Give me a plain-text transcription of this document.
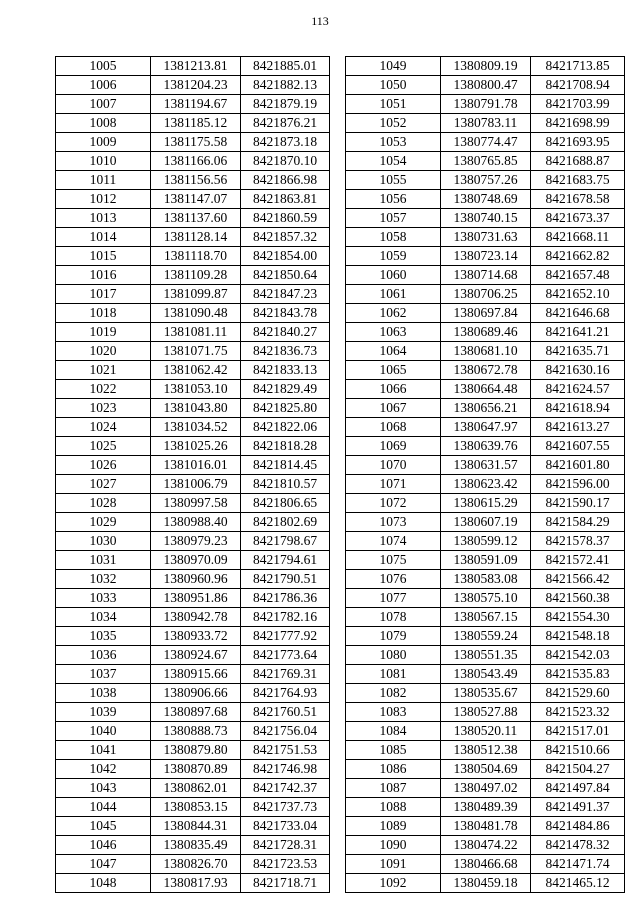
113
1005	1381213.81	8421885.01
1006	1381204.23	8421882.13
1007	1381194.67	8421879.19
1008	1381185.12	8421876.21
1009	1381175.58	8421873.18
1010	1381166.06	8421870.10
1011	1381156.56	8421866.98
1012	1381147.07	8421863.81
1013	1381137.60	8421860.59
1014	1381128.14	8421857.32
1015	1381118.70	8421854.00
1016	1381109.28	8421850.64
1017	1381099.87	8421847.23
1018	1381090.48	8421843.78
1019	1381081.11	8421840.27
1020	1381071.75	8421836.73
1021	1381062.42	8421833.13
1022	1381053.10	8421829.49
1023	1381043.80	8421825.80
1024	1381034.52	8421822.06
1025	1381025.26	8421818.28
1026	1381016.01	8421814.45
1027	1381006.79	8421810.57
1028	1380997.58	8421806.65
1029	1380988.40	8421802.69
1030	1380979.23	8421798.67
1031	1380970.09	8421794.61
1032	1380960.96	8421790.51
1033	1380951.86	8421786.36
1034	1380942.78	8421782.16
1035	1380933.72	8421777.92
1036	1380924.67	8421773.64
1037	1380915.66	8421769.31
1038	1380906.66	8421764.93
1039	1380897.68	8421760.51
1040	1380888.73	8421756.04
1041	1380879.80	8421751.53
1042	1380870.89	8421746.98
1043	1380862.01	8421742.37
1044	1380853.15	8421737.73
1045	1380844.31	8421733.04
1046	1380835.49	8421728.31
1047	1380826.70	8421723.53
1048	1380817.93	8421718.71
1049	1380809.19	8421713.85
1050	1380800.47	8421708.94
1051	1380791.78	8421703.99
1052	1380783.11	8421698.99
1053	1380774.47	8421693.95
1054	1380765.85	8421688.87
1055	1380757.26	8421683.75
1056	1380748.69	8421678.58
1057	1380740.15	8421673.37
1058	1380731.63	8421668.11
1059	1380723.14	8421662.82
1060	1380714.68	8421657.48
1061	1380706.25	8421652.10
1062	1380697.84	8421646.68
1063	1380689.46	8421641.21
1064	1380681.10	8421635.71
1065	1380672.78	8421630.16
1066	1380664.48	8421624.57
1067	1380656.21	8421618.94
1068	1380647.97	8421613.27
1069	1380639.76	8421607.55
1070	1380631.57	8421601.80
1071	1380623.42	8421596.00
1072	1380615.29	8421590.17
1073	1380607.19	8421584.29
1074	1380599.12	8421578.37
1075	1380591.09	8421572.41
1076	1380583.08	8421566.42
1077	1380575.10	8421560.38
1078	1380567.15	8421554.30
1079	1380559.24	8421548.18
1080	1380551.35	8421542.03
1081	1380543.49	8421535.83
1082	1380535.67	8421529.60
1083	1380527.88	8421523.32
1084	1380520.11	8421517.01
1085	1380512.38	8421510.66
1086	1380504.69	8421504.27
1087	1380497.02	8421497.84
1088	1380489.39	8421491.37
1089	1380481.78	8421484.86
1090	1380474.22	8421478.32
1091	1380466.68	8421471.74
1092	1380459.18	8421465.12
